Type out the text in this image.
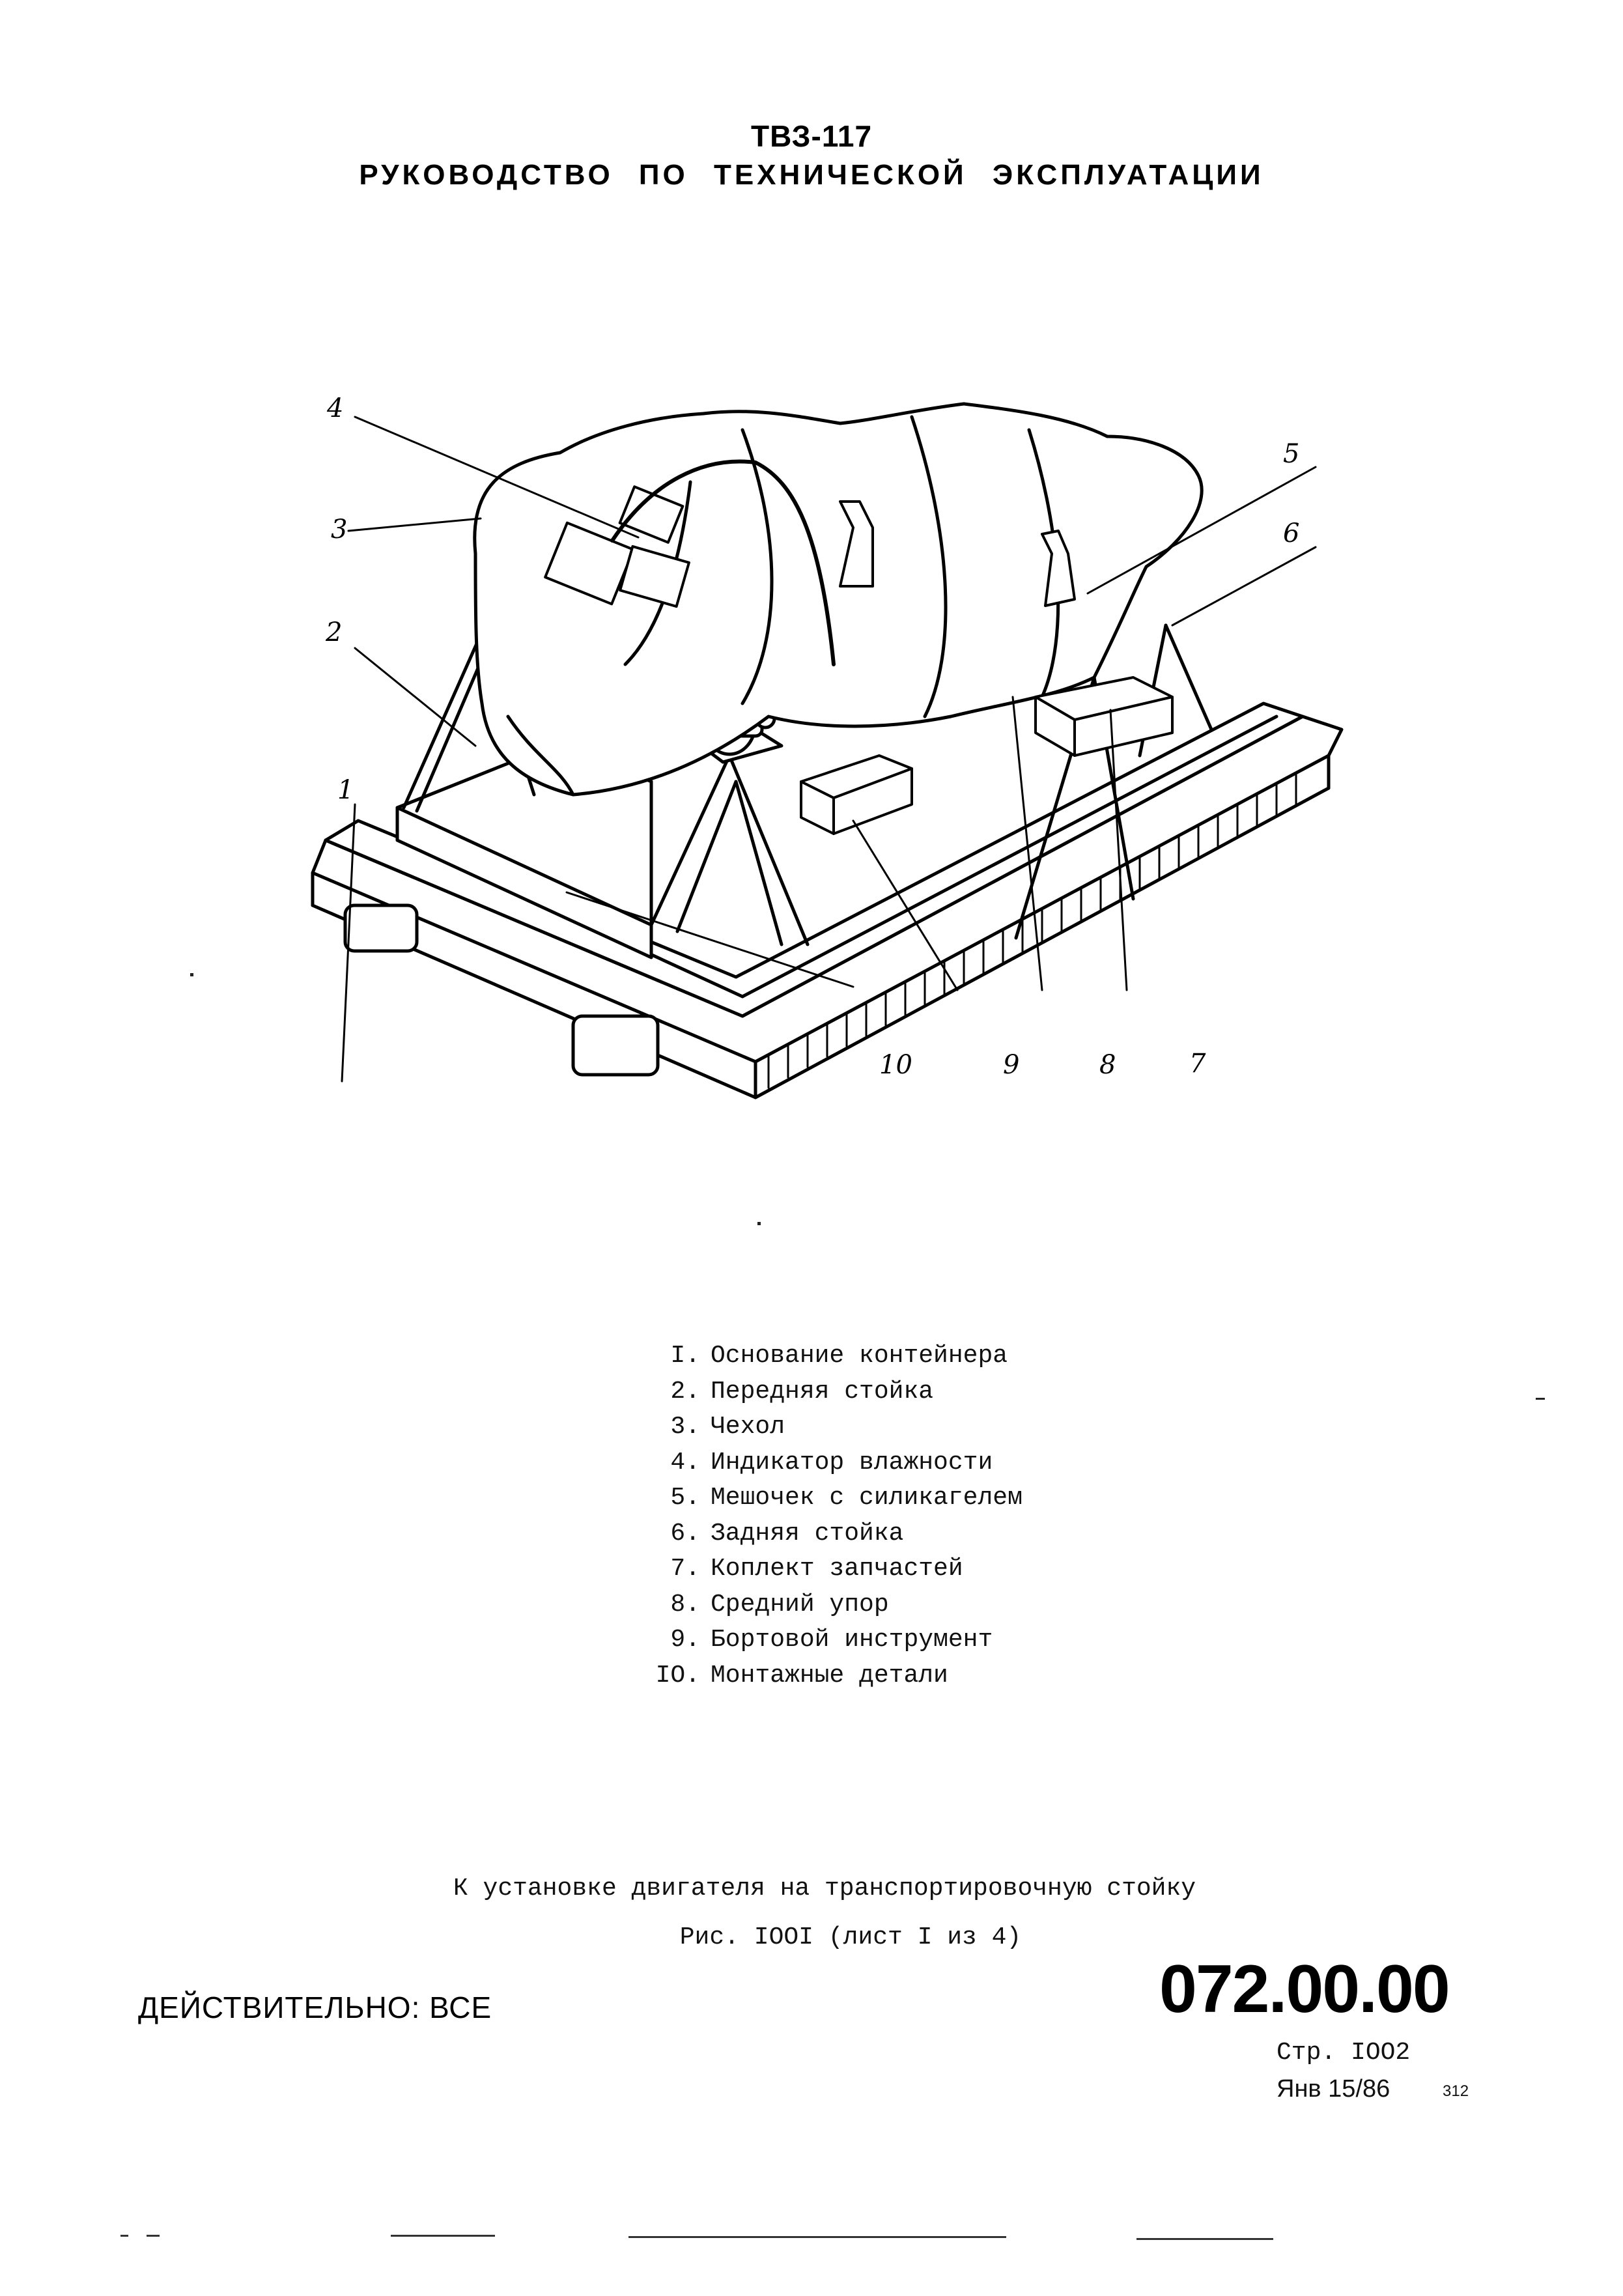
ТВЗ-117
РУКОВОДСТВО ПО ТЕХНИЧЕСКОЙ ЭКСПЛУАТАЦИИ
1
2
3
4
5
6
7
8
9
10
I. Основание контейнера
2. Передняя стойка
3. Чехол
4. Индикатор влажности
5. Мешочек с силикагелем
6. Задняя стойка
7. Коплект запчастей
8. Средний упор
9. Бортовой инструмент
IO. Монтажные детали
К установке двигателя на транспортировочную стойку
Рис. IOOI (лист I из 4)
ДЕЙСТВИТЕЛЬНО: ВСЕ	072.00.00
Стр. IOO2
Янв 15/86	312
